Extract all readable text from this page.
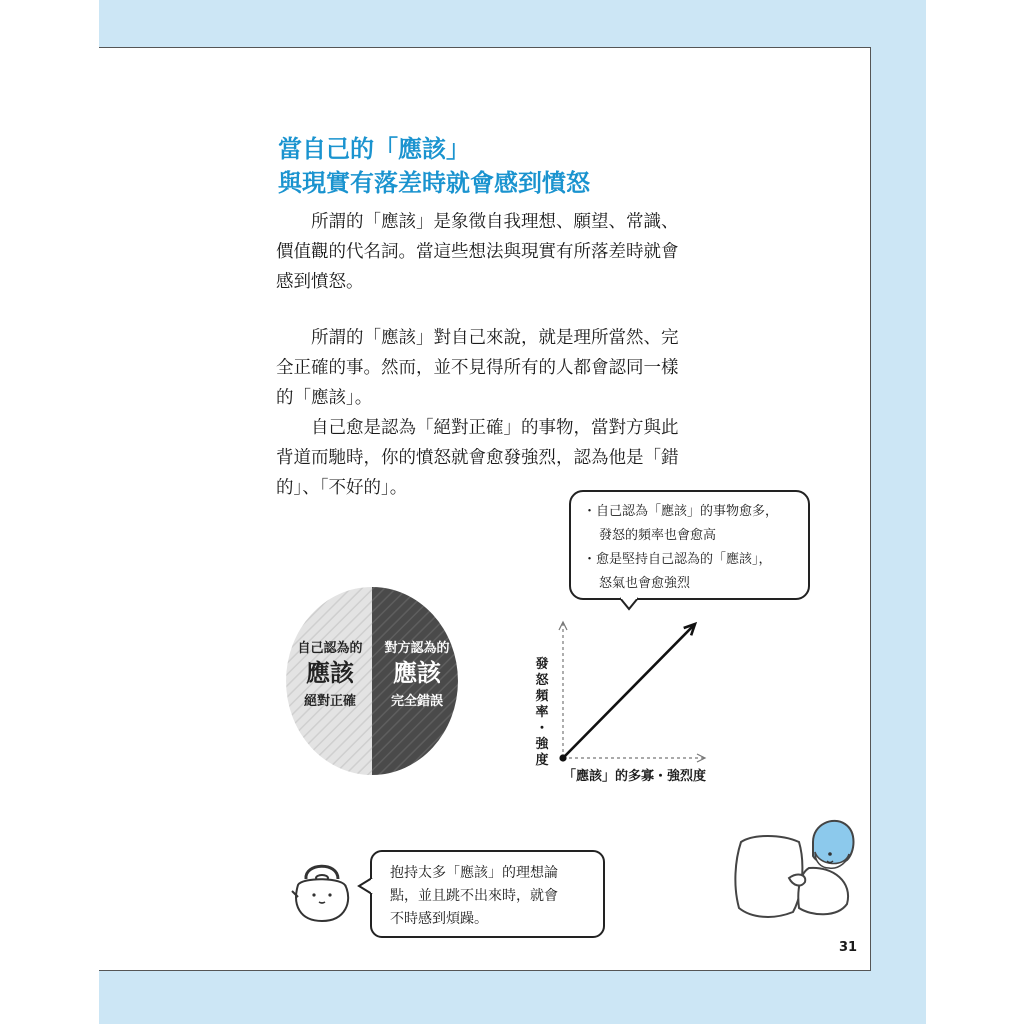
當自己的「應該」
與現實有落差時就會感到憤怒

所謂的「應該」是象徵自我理想、願望、常識、
價值觀的代名詞。當這些想法與現實有所落差時就會
感到憤怒。

所謂的「應該」對自己來說，就是理所當然、完
全正確的事。然而，並不見得所有的人都會認同一樣
的「應該」。

自己愈是認為「絕對正確」的事物，當對方與此
背道而馳時，你的憤怒就會愈發強烈，認為他是「錯
的」、「不好的」。

自己認為的
應該
絕對正確
對方認為的
應該
完全錯誤
・自己認為「應該」的事物愈多，
發怒的頻率也會愈高
・愈是堅持自己認為的「應該」，
怒氣也會愈強烈
發
怒
頻
率
・
強
度
「應該」的多寡・強烈度
抱持太多「應該」的理想論
點，並且跳不出來時，就會
不時感到煩躁。
31
